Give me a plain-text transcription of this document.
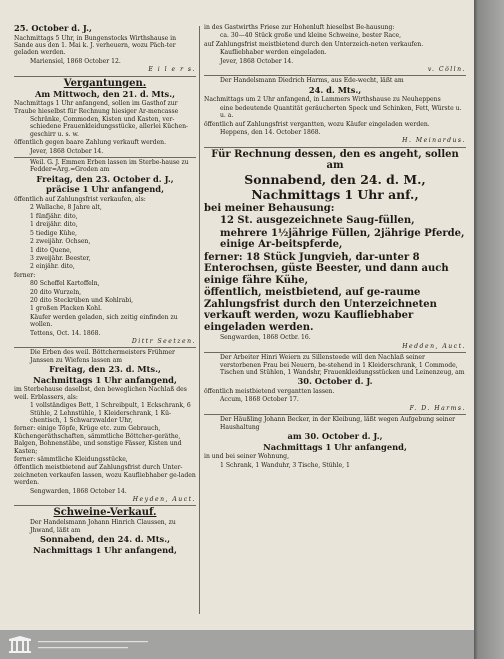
25. October d. J.,

Nachmittags 5 Uhr, in Bungenstocks Wirthshause in Sande aus den 1. Mai k. J. verheuern, wozu Päch-ter geladen werden.

Mariensiel, 1868 October 12.

E i l e r s.

Vergantungen.

Am Mittwoch, den 21. d. Mts.,

Nachmittags 1 Uhr anfangend, sollen im Gasthof zur Traube hieselbst für Rechnung hiesiger Ar-mencasse

Schränke, Commoden, Kisten und Kasten, ver-schiedene Frauenkleidungsstücke, allerlei Küchen-geschirr u. s. w.

öffentlich gegen baare Zahlung verkauft werden.

Jever, 1868 October 14.

Weil. G. J. Emmen Erben lassen im Sterbe-hause zu Fedder=Arg.=Groden am

Freitag, den 23. October d. J.,

präcise 1 Uhr anfangend,

öffentlich auf Zahlungsfrist verkaufen, als:

2 Wallache, 8 Jahre alt,

1 fünfjähr. dito,

1 dreijähr. dito,

5 tiedige Kühe,

2 zweijähr. Ochsen,

1 dito Quene,

3 zweijähr. Beester,

2 einjähr. dito,

ferner:

80 Scheffel Kartoffeln,

20 dito Wurzeln,

20 dito Steckrüben und Kohlrabi,

1 großen Placken Kohl.

Käufer werden geladen, sich zeitig einfinden zu wollen.

Tettens, Oct. 14. 1868.

Dittr Seetzen.

Die Erben des weil. Böttchermeisters Frühmer Janssen zu Wiefens lassen am

Freitag, den 23. d. Mts.,

Nachmittags 1 Uhr anfangend,

im Sterbehause daselbst, den beweglichen Nachlaß des weil. Erblassers, als:

1 vollständiges Bett, 1 Schreibpult, 1 Eckschrank, 6 Stühle, 2 Lehnstühle, 1 Kleiderschrank, 1 Kü-chentisch, 1 Schwarzwalder Uhr,

ferner: einige Töpfe, Krüge etc. zum Gebrauch, Küchengeräthschaften, sämmtliche Böttcher-geräthe, Balgen, Bohnenstäbe, und sonstige Fässer, Kisten und Kasten;

ferner: sämmtliche Kleidungsstücke,

öffentlich meistbietend auf Zahlungsfrist durch Unter-zeichneten verkaufen lassen, wozu Kaufliebhaber ge-laden werden.

Sengwarden, 1868 October 14.

Heyden, Auct.

Schweine-Verkauf.

Der Handelsmann Johann Hinrich Claussen, zu Jhwand, läßt am

Sonnabend, den 24. d. Mts.,

Nachmittags 1 Uhr anfangend,

in des Gastwirths Friese zur Hohenluft hieselbst Be-hausung:

ca. 30—40 Stück große und kleine Schweine, bester Race,

auf Zahlungsfrist meistbietend durch den Unterzeich-neten verkaufen.

Kaufliebhaber werden eingeladen.

Jever, 1868 October 14.

v. Cölln.

Der Handelsmann Diedrich Harms, aus Ede-wecht, läßt am

24. d. Mts.,

Nachmittags um 2 Uhr anfangend, in Lammers Wirthshause zu Neuheppens

eine bedeutende Quantität geräucherten Speck und Schinken, Fett, Würste u. u. a.

öffentlich auf Zahlungsfrist vergantten, wozu Käufer eingeladen werden.

Heppens, den 14. October 1868.

H. Meinardus.

Für Rechnung dessen, den es angeht, sollen am

Sonnabend, den 24. d. M.,

Nachmittags 1 Uhr anf.,

bei meiner Behausung:

12 St. ausgezeichnete Saug-füllen,

mehrere 1½jährige Füllen, 2jährige Pferde, einige Ar-beitspferde,

ferner: 18 Stück Jungvieh, dar-unter 8 Enterochsen, güste Beester, und dann auch einige fähre Kühe,

öffentlich, meistbietend, auf ge-raume Zahlungsfrist durch den Unterzeichneten verkauft werden, wozu Kaufliebhaber eingeladen werden.

Sengwarden, 1868 Octbr. 16.

Hedden, Auct.

Der Arbeiter Hinri Weiern zu Sillensteede will den Nachlaß seiner verstorbenen Frau bei Neuern, be-stehend in 1 Kleiderschrank, 1 Commode, Tischen und Stühlen, 1 Wandshr, Frauenkleidungsstücken und Leinenzeug, am

30. October d. J.

öffentlich meistbietend vergantten lassen.

Accum, 1868 October 17.

F. D. Harms.

Der Häußling Johann Becker, in der Kleibung, läßt wegen Aufgebung seiner Haushaltung

am 30. October d. J.,

Nachmittags 1 Uhr anfangend,

in und bei seiner Wohnung,

1 Schrank, 1 Wanduhr, 3 Tische, Stühle, 1
